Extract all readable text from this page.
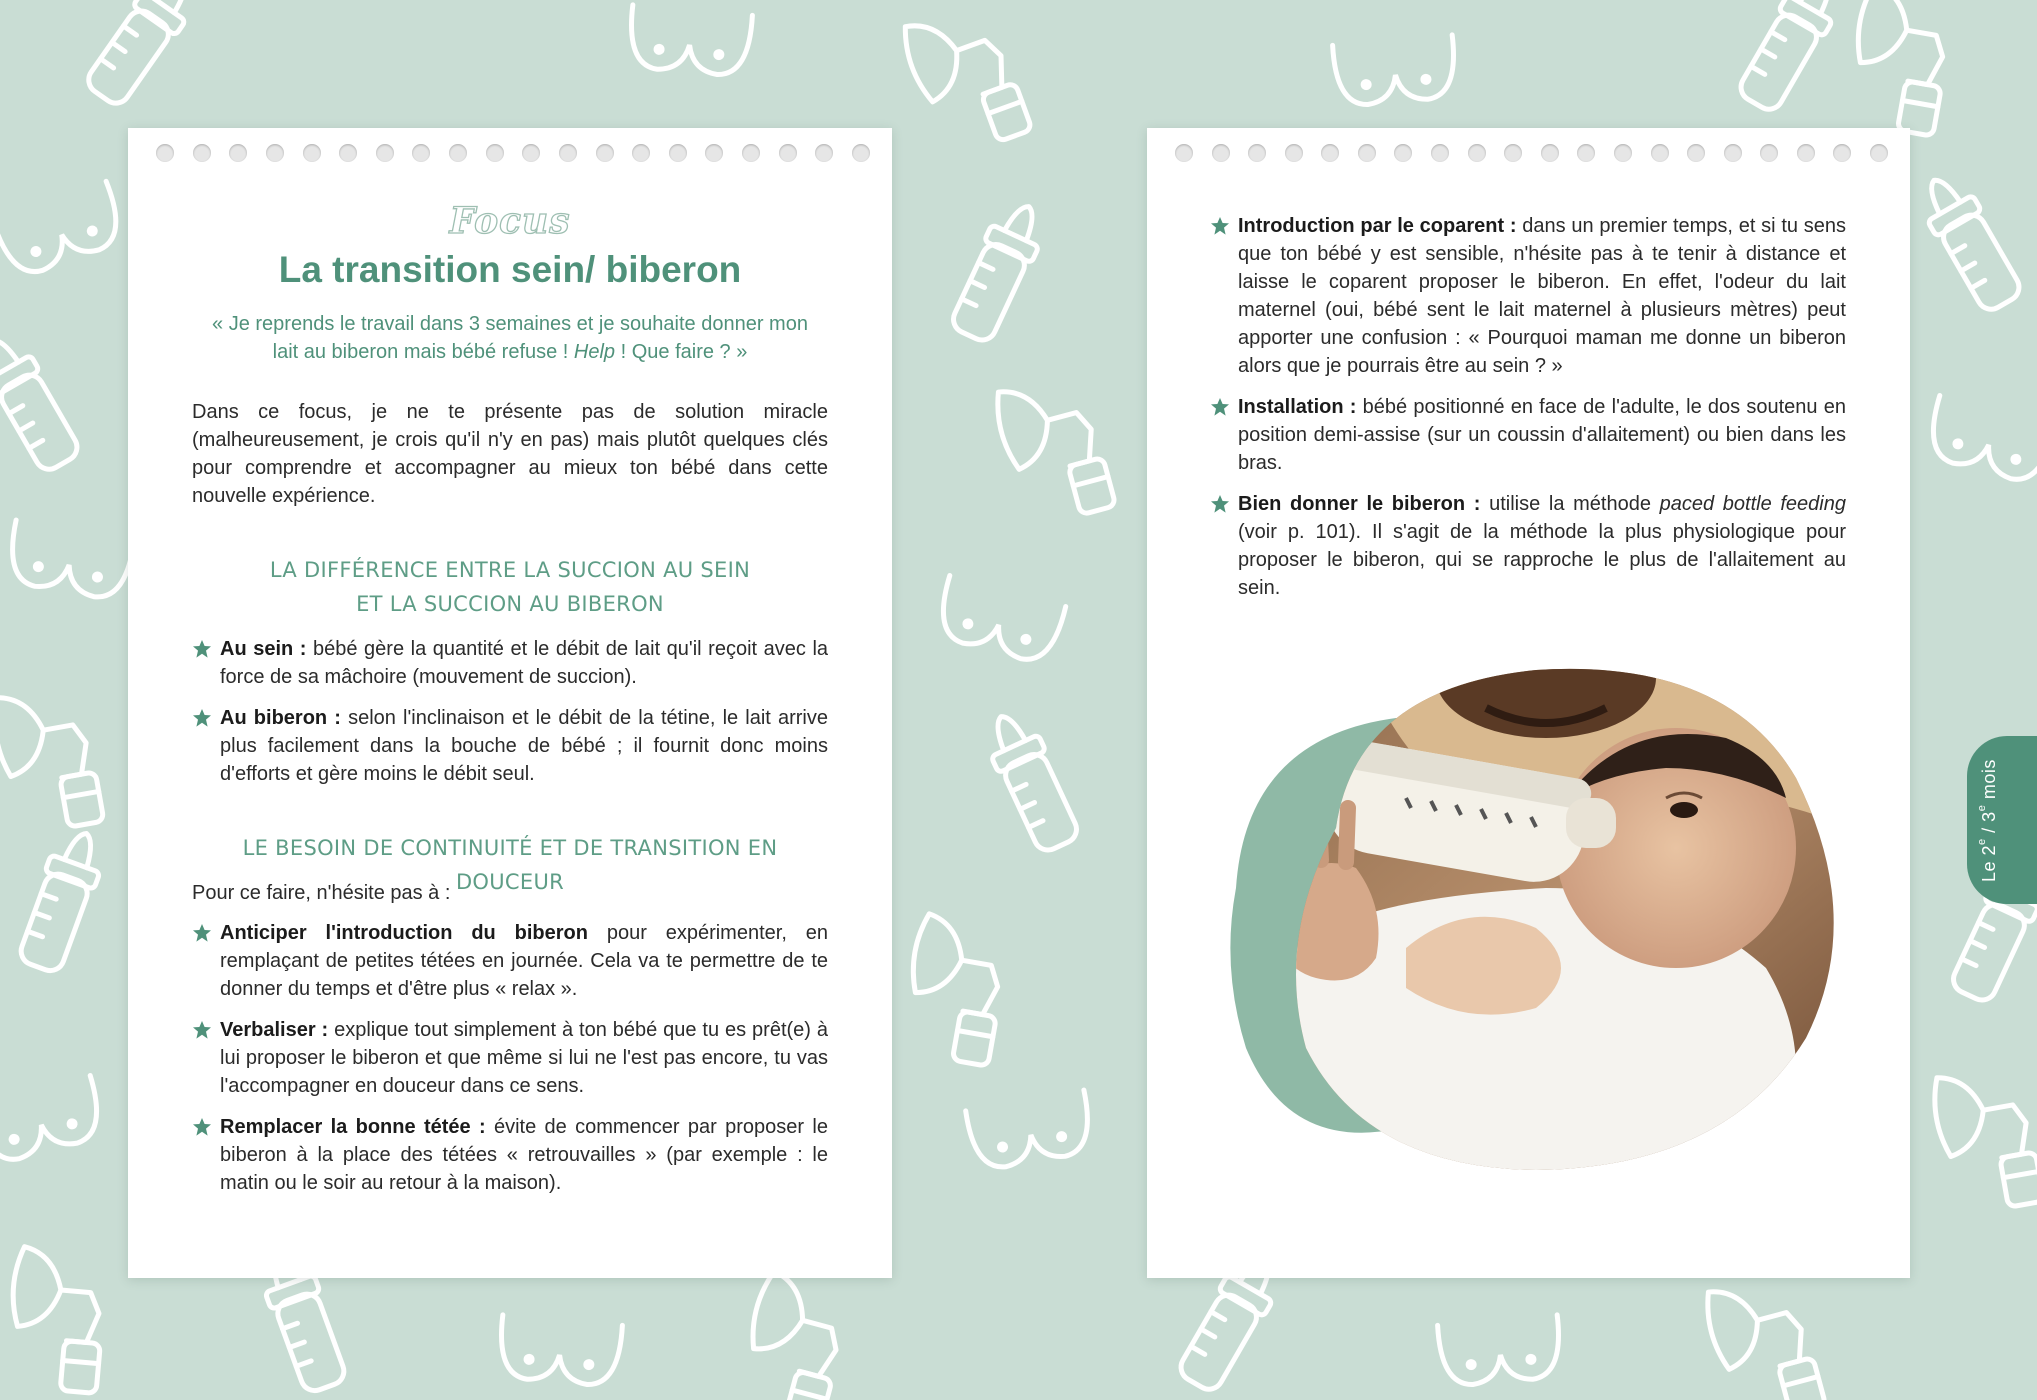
Focus
La transition sein/ biberon
« Je reprends le travail dans 3 semaines et je souhaite donner mon
lait au biberon mais bébé refuse ! Help ! Que faire ? »
Dans ce focus, je ne te présente pas de solution miracle (malheureusement, je crois qu'il n'y en pas) mais plutôt quelques clés pour comprendre et accompagner au mieux ton bébé dans cette nouvelle expérience.
LA DIFFÉRENCE ENTRE LA SUCCION AU SEIN
ET LA SUCCION AU BIBERON
Au sein : bébé gère la quantité et le débit de lait qu'il reçoit avec la force de sa mâchoire (mouvement de succion).
Au biberon : selon l'inclinaison et le débit de la tétine, le lait arrive plus facilement dans la bouche de bébé ; il fournit donc moins d'efforts et gère moins le débit seul.
LE BESOIN DE CONTINUITÉ ET DE TRANSITION EN DOUCEUR
Pour ce faire, n'hésite pas à :
Anticiper l'introduction du biberon pour expérimenter, en remplaçant de petites tétées en journée. Cela va te permettre de te donner du temps et d'être plus « relax ».
Verbaliser : explique tout simplement à ton bébé que tu es prêt(e) à lui proposer le biberon et que même si lui ne l'est pas encore, tu vas l'accompagner en douceur dans ce sens.
Remplacer la bonne tétée : évite de commencer par proposer le biberon à la place des tétées « retrouvailles » (par exemple : le matin ou le soir au retour à la maison).
Introduction par le coparent : dans un premier temps, et si tu sens que ton bébé y est sensible, n'hésite pas à te tenir à distance et laisse le coparent proposer le biberon. En effet, l'odeur du lait maternel (oui, bébé sent le lait maternel à plusieurs mètres) peut apporter une confusion : « Pourquoi maman me donne un biberon alors que je pourrais être au sein ? »
Installation : bébé positionné en face de l'adulte, le dos soutenu en position demi-assise (sur un coussin d'allaitement) ou bien dans les bras.
Bien donner le biberon : utilise la méthode paced bottle feeding (voir p. 101). Il s'agit de la méthode la plus physiologique pour proposer le biberon, qui se rapproche le plus de l'allaitement au sein.
Le 2e / 3e mois
